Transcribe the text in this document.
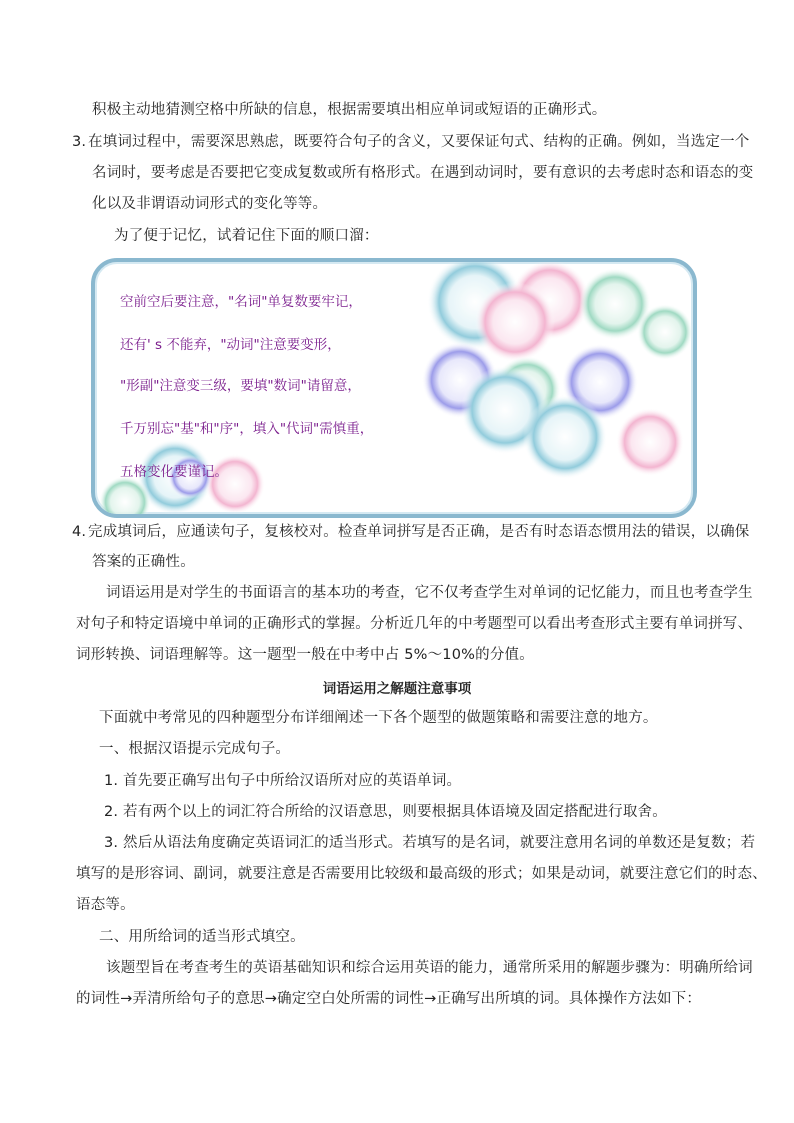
积极主动地猜测空格中所缺的信息，根据需要填出相应单词或短语的正确形式。
3. 在填词过程中，需要深思熟虑，既要符合句子的含义，又要保证句式、结构的正确。例如，当选定一个
名词时，要考虑是否要把它变成复数或所有格形式。在遇到动词时，要有意识的去考虑时态和语态的变
化以及非谓语动词形式的变化等等。
为了便于记忆，试着记住下面的顺口溜：
空前空后要注意，"名词"单复数要牢记，
还有' s 不能弃，"动词"注意要变形，
"形副"注意变三级，要填"数词"请留意，
千万别忘"基"和"序"，填入"代词"需慎重，
五格变化要谨记。
4. 完成填词后，应通读句子，复核校对。检查单词拼写是否正确，是否有时态语态惯用法的错误，以确保
答案的正确性。
词语运用是对学生的书面语言的基本功的考查，它不仅考查学生对单词的记忆能力，而且也考查学生
对句子和特定语境中单词的正确形式的掌握。分析近几年的中考题型可以看出考查形式主要有单词拼写、
词形转换、词语理解等。这一题型一般在中考中占 5%～10%的分值。
词语运用之解题注意事项
下面就中考常见的四种题型分布详细阐述一下各个题型的做题策略和需要注意的地方。
一、根据汉语提示完成句子。
1. 首先要正确写出句子中所给汉语所对应的英语单词。
2. 若有两个以上的词汇符合所给的汉语意思，则要根据具体语境及固定搭配进行取舍。
3. 然后从语法角度确定英语词汇的适当形式。若填写的是名词，就要注意用名词的单数还是复数；若
填写的是形容词、副词，就要注意是否需要用比较级和最高级的形式；如果是动词，就要注意它们的时态、
语态等。
二、用所给词的适当形式填空。
该题型旨在考查考生的英语基础知识和综合运用英语的能力，通常所采用的解题步骤为：明确所给词
的词性→弄清所给句子的意思→确定空白处所需的词性→正确写出所填的词。具体操作方法如下：
